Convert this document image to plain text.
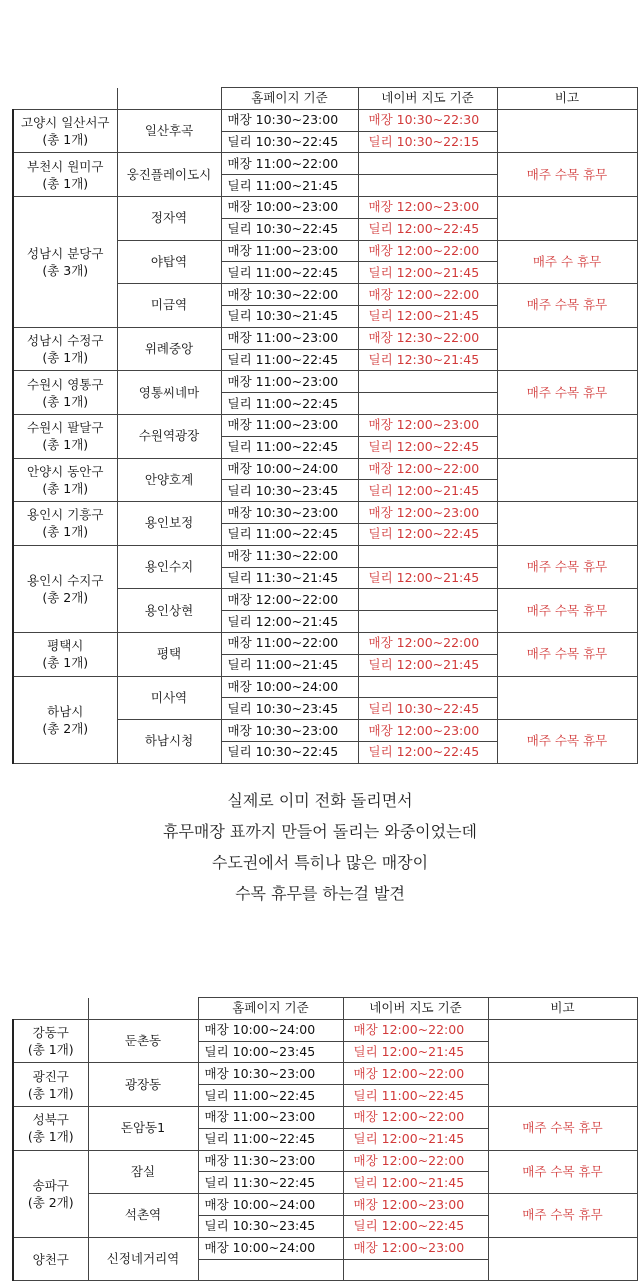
		홈페이지 기준	네이버 지도 기준	비고
고양시 일산서구
(총 1개)	일산후곡	매장 10:30~23:00	매장 10:30~22:30	
		딜리 10:30~22:45	딜리 10:30~22:15	
부천시 원미구
(총 1개)	웅진플레이도시	매장 11:00~22:00		매주 수목 휴무
		딜리 11:00~21:45		
성남시 분당구
(총 3개)	정자역	매장 10:00~23:00	매장 12:00~23:00	
		딜리 10:30~22:45	딜리 12:00~22:45	
	야탑역	매장 11:00~23:00	매장 12:00~22:00	매주 수 휴무
		딜리 11:00~22:45	딜리 12:00~21:45	
	미금역	매장 10:30~22:00	매장 12:00~22:00	매주 수목 휴무
		딜리 10:30~21:45	딜리 12:00~21:45	
성남시 수정구
(총 1개)	위례중앙	매장 11:00~23:00	매장 12:30~22:00	
		딜리 11:00~22:45	딜리 12:30~21:45	
수원시 영통구
(총 1개)	영통씨네마	매장 11:00~23:00		매주 수목 휴무
		딜리 11:00~22:45		
수원시 팔달구
(총 1개)	수원역광장	매장 11:00~23:00	매장 12:00~23:00	
		딜리 11:00~22:45	딜리 12:00~22:45	
안양시 동안구
(총 1개)	안양호계	매장 10:00~24:00	매장 12:00~22:00	
		딜리 10:30~23:45	딜리 12:00~21:45	
용인시 기흥구
(총 1개)	용인보정	매장 10:30~23:00	매장 12:00~23:00	
		딜리 11:00~22:45	딜리 12:00~22:45	
용인시 수지구
(총 2개)	용인수지	매장 11:30~22:00		매주 수목 휴무
		딜리 11:30~21:45	딜리 12:00~21:45	
	용인상현	매장 12:00~22:00		매주 수목 휴무
		딜리 12:00~21:45		
평택시
(총 1개)	평택	매장 11:00~22:00	매장 12:00~22:00	매주 수목 휴무
		딜리 11:00~21:45	딜리 12:00~21:45	
하남시
(총 2개)	미사역	매장 10:00~24:00		
		딜리 10:30~23:45	딜리 10:30~22:45	
	하남시청	매장 10:30~23:00	매장 12:00~23:00	매주 수목 휴무
		딜리 10:30~22:45	딜리 12:00~22:45	
실제로 이미 전화 돌리면서
휴무매장 표까지 만들어 돌리는 와중이었는데
수도권에서 특히나 많은 매장이
수목 휴무를 하는걸 발견
		홈페이지 기준	네이버 지도 기준	비고
강동구
(총 1개)	둔촌동	매장 10:00~24:00	매장 12:00~22:00	
		딜리 10:00~23:45	딜리 12:00~21:45	
광진구
(총 1개)	광장동	매장 10:30~23:00	매장 12:00~22:00	
		딜리 11:00~22:45	딜리 11:00~22:45	
성북구
(총 1개)	돈암동1	매장 11:00~23:00	매장 12:00~22:00	매주 수목 휴무
		딜리 11:00~22:45	딜리 12:00~21:45	
송파구
(총 2개)	잠실	매장 11:30~23:00	매장 12:00~22:00	매주 수목 휴무
		딜리 11:30~22:45	딜리 12:00~21:45	
	석촌역	매장 10:00~24:00	매장 12:00~23:00	매주 수목 휴무
		딜리 10:30~23:45	딜리 12:00~22:45	
양천구	신정네거리역	매장 10:00~24:00	매장 12:00~23:00	
